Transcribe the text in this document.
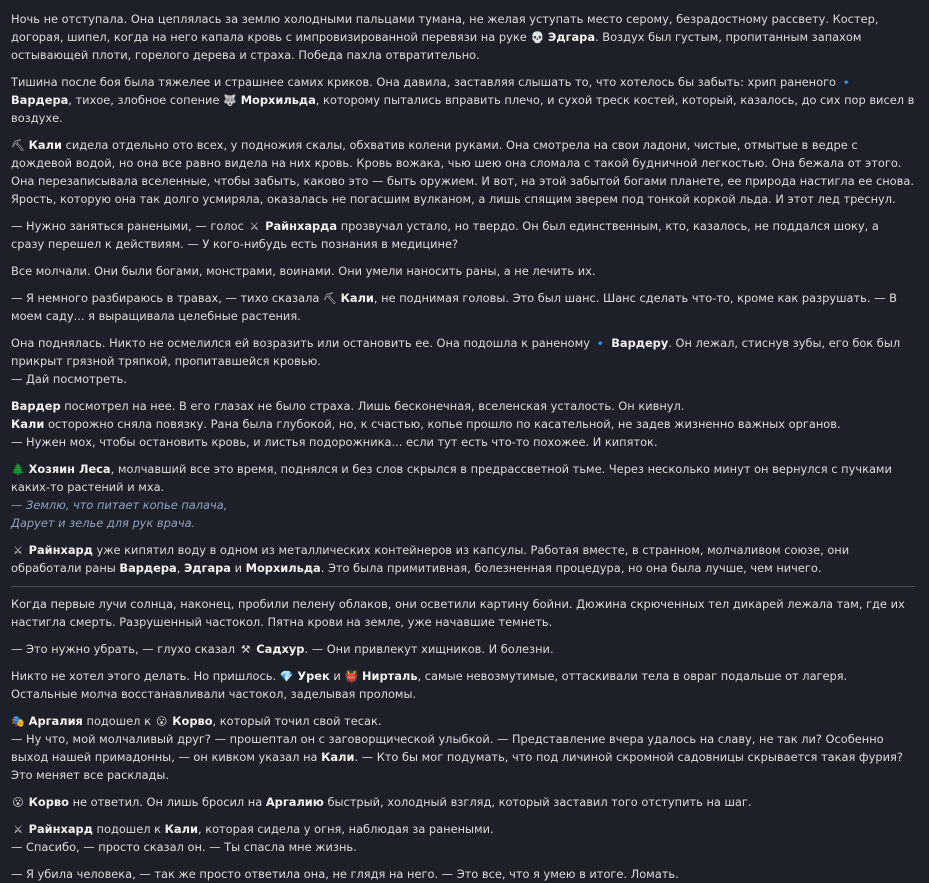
Ночь не отступала. Она цеплялась за землю холодными пальцами тумана, не желая уступать место серому, безрадостному рассвету. Костер, догорая, шипел, когда на него капала кровь с импровизированной перевязи на руке 💀 Эдгара. Воздух был густым, пропитанным запахом остывающей плоти, горелого дерева и страха. Победа пахла отвратительно.

Тишина после боя была тяжелее и страшнее самих криков. Она давила, заставляя слышать то, что хотелось бы забыть: хрип раненого 🔹 Вардера, тихое, злобное сопение 🐺 Морхильда, которому пытались вправить плечо, и сухой треск костей, который, казалось, до сих пор висел в воздухе.

⛏ Кали сидела отдельно ото всех, у подножия скалы, обхватив колени руками. Она смотрела на свои ладони, чистые, отмытые в ведре с дождевой водой, но она все равно видела на них кровь. Кровь вожака, чью шею она сломала с такой будничной легкостью. Она бежала от этого. Она перезаписывала вселенные, чтобы забыть, каково это — быть оружием. И вот, на этой забытой богами планете, ее природа настигла ее снова. Ярость, которую она так долго усмиряла, оказалась не погасшим вулканом, а лишь спящим зверем под тонкой коркой льда. И этот лед треснул.

— Нужно заняться ранеными, — голос ⚔ Райнхарда прозвучал устало, но твердо. Он был единственным, кто, казалось, не поддался шоку, а сразу перешел к действиям. — У кого-нибудь есть познания в медицине?

Все молчали. Они были богами, монстрами, воинами. Они умели наносить раны, а не лечить их.

— Я немного разбираюсь в травах, — тихо сказала ⛏ Кали, не поднимая головы. Это был шанс. Шанс сделать что-то, кроме как разрушать. — В моем саду... я выращивала целебные растения.

Она поднялась. Никто не осмелился ей возразить или остановить ее. Она подошла к раненому 🔹 Вардеру. Он лежал, стиснув зубы, его бок был прикрыт грязной тряпкой, пропитавшейся кровью.
— Дай посмотреть.

Вардер посмотрел на нее. В его глазах не было страха. Лишь бесконечная, вселенская усталость. Он кивнул.
Кали осторожно сняла повязку. Рана была глубокой, но, к счастью, копье прошло по касательной, не задев жизненно важных органов.
— Нужен мох, чтобы остановить кровь, и листья подорожника... если тут есть что-то похожее. И кипяток.

🌲 Хозяин Леса, молчавший все это время, поднялся и без слов скрылся в предрассветной тьме. Через несколько минут он вернулся с пучками каких-то растений и мха.
— Землю, что питает копье палача,
Дарует и зелье для рук врача.

⚔ Райнхард уже кипятил воду в одном из металлических контейнеров из капсулы. Работая вместе, в странном, молчаливом союзе, они обработали раны Вардера, Эдгара и Морхильда. Это была примитивная, болезненная процедура, но она была лучше, чем ничего.

Когда первые лучи солнца, наконец, пробили пелену облаков, они осветили картину бойни. Дюжина скрюченных тел дикарей лежала там, где их настигла смерть. Разрушенный частокол. Пятна крови на земле, уже начавшие темнеть.

— Это нужно убрать, — глухо сказал ⚒ Садхур. — Они привлекут хищников. И болезни.

Никто не хотел этого делать. Но пришлось. 💎 Урек и 👹 Нирталь, самые невозмутимые, оттаскивали тела в овраг подальше от лагеря. Остальные молча восстанавливали частокол, заделывая проломы.

🎭 Аргалия подошел к 😮 Корво, который точил свой тесак.
— Ну что, мой молчаливый друг? — прошептал он с заговорщической улыбкой. — Представление вчера удалось на славу, не так ли? Особенно выход нашей примадонны, — он кивком указал на Кали. — Кто бы мог подумать, что под личиной скромной садовницы скрывается такая фурия? Это меняет все расклады.

😮 Корво не ответил. Он лишь бросил на Аргалию быстрый, холодный взгляд, который заставил того отступить на шаг.

⚔ Райнхард подошел к Кали, которая сидела у огня, наблюдая за ранеными.
— Спасибо, — просто сказал он. — Ты спасла мне жизнь.

— Я убила человека, — так же просто ответила она, не глядя на него. — Это все, что я умею в итоге. Ломать.
